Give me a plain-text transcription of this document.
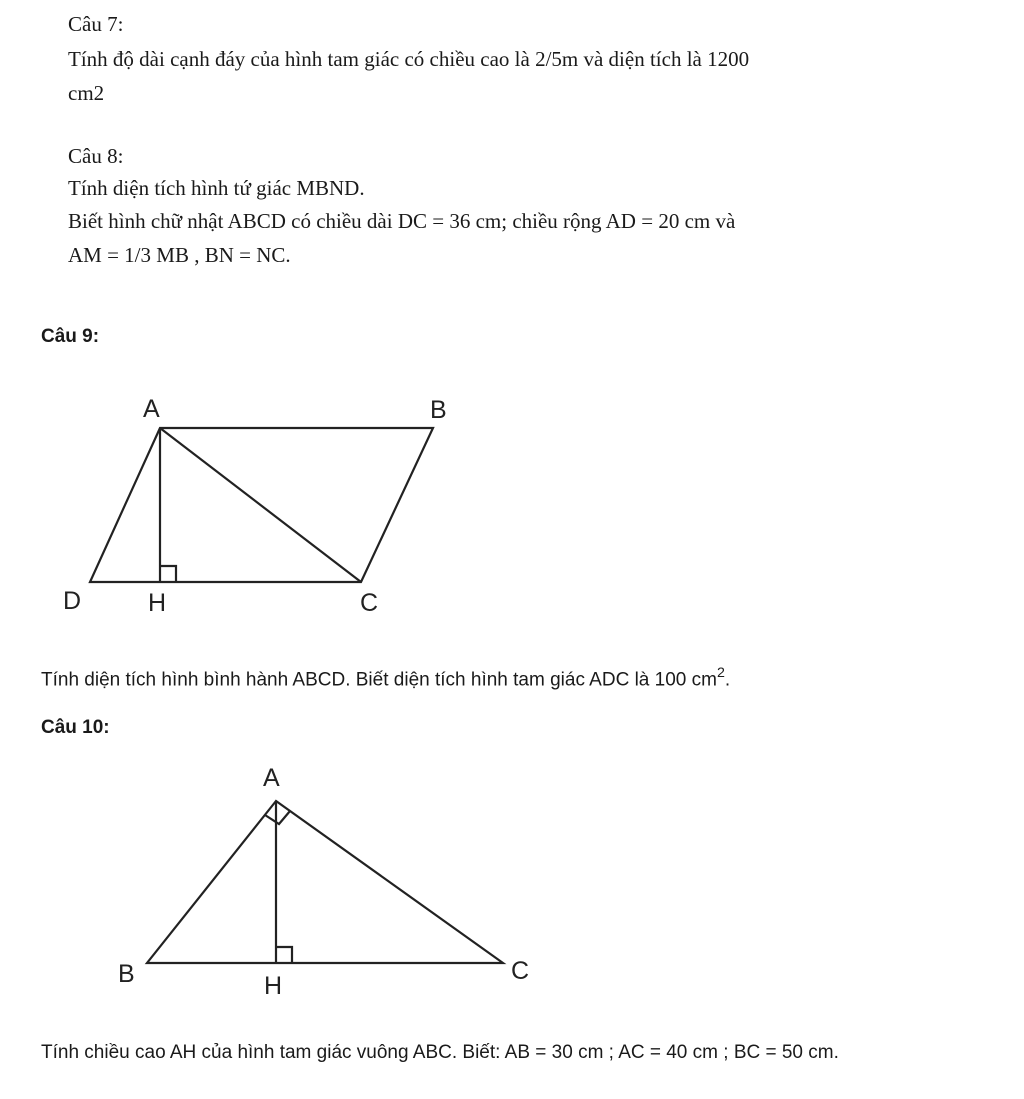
Câu 7:
Tính độ dài cạnh đáy của hình tam giác có chiều cao là 2/5m và diện tích là 1200
cm2
Câu 8:
Tính diện tích hình tứ giác MBND.
Biết hình chữ nhật ABCD có chiều dài DC = 36 cm; chiều rộng AD = 20 cm và
AM = 1/3 MB , BN = NC.
Câu 9:
A	B
C
D	H
Tính diện tích hình bình hành ABCD. Biết diện tích hình tam giác ADC là 100 $cm^2$.
Câu 10:
A
B	C
H
Tính chiều cao AH của hình tam giác vuông ABC. Biết: AB = 30 cm ; AC = 40 cm ; BC = 50 cm.
